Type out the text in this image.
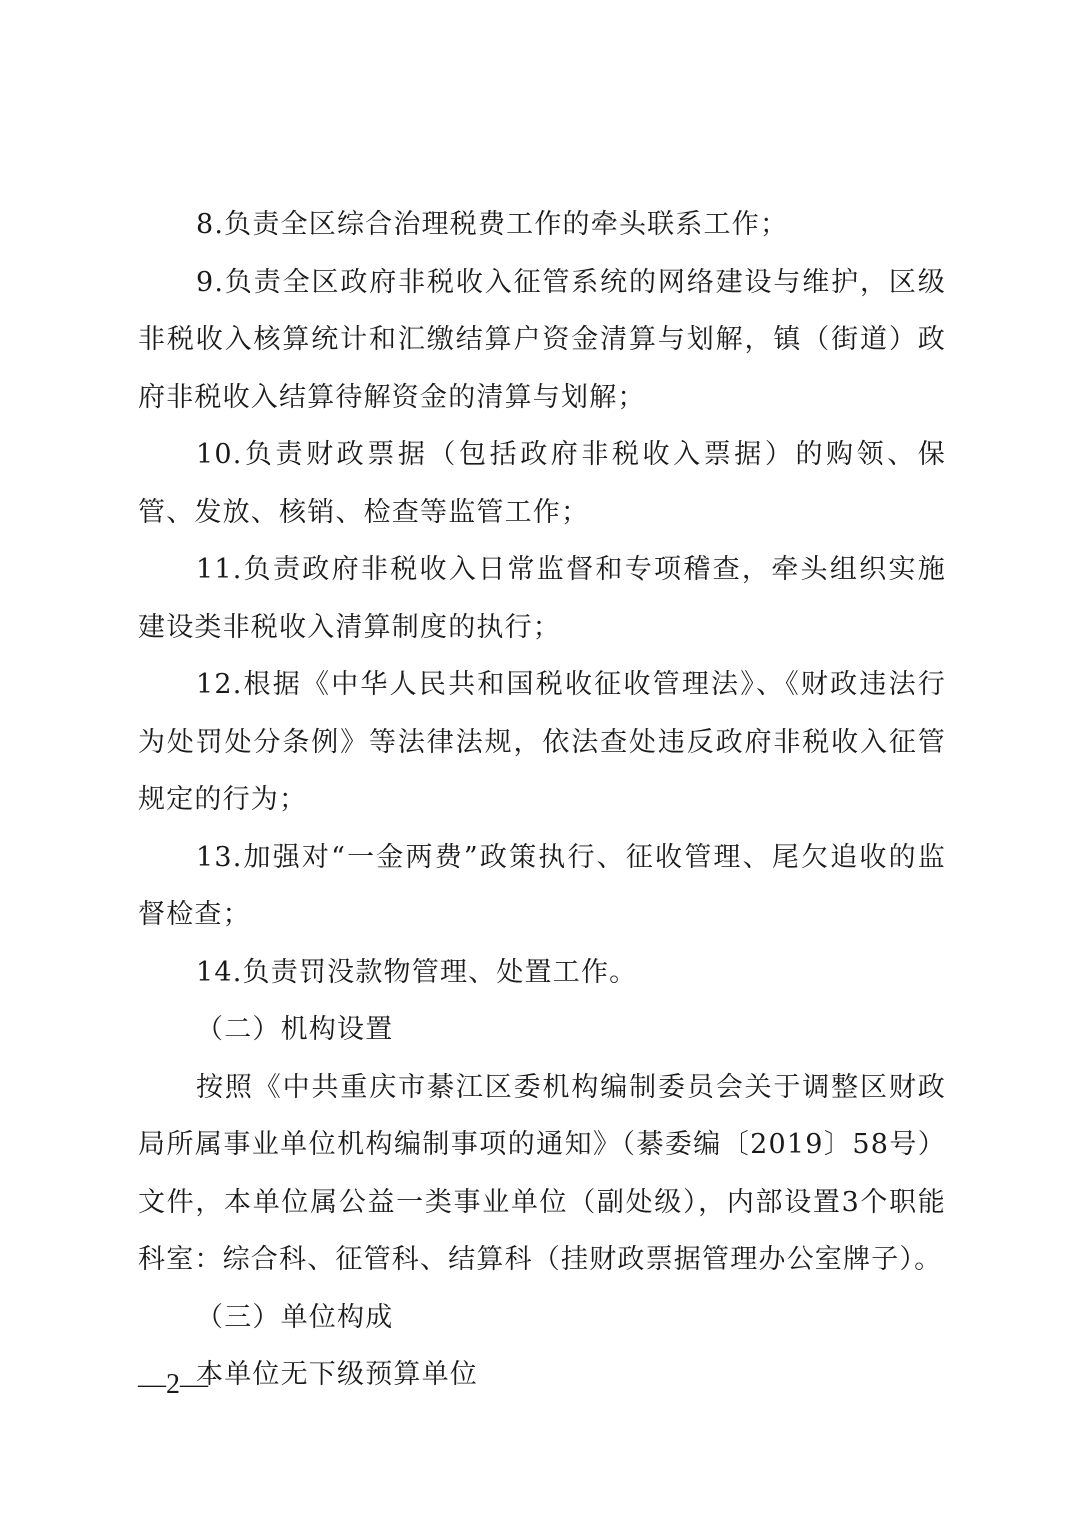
8.负责全区综合治理税费工作的牵头联系工作；

9.负责全区政府非税收入征管系统的网络建设与维护，区级非税收入核算统计和汇缴结算户资金清算与划解，镇（街道）政府非税收入结算待解资金的清算与划解；

10.负责财政票据（包括政府非税收入票据）的购领、保管、发放、核销、检查等监管工作；

11.负责政府非税收入日常监督和专项稽查，牵头组织实施建设类非税收入清算制度的执行；

12.根据《中华人民共和国税收征收管理法》、《财政违法行为处罚处分条例》等法律法规，依法查处违反政府非税收入征管规定的行为；

13.加强对“一金两费”政策执行、征收管理、尾欠追收的监督检查；

14.负责罚没款物管理、处置工作。

（二）机构设置

按照《中共重庆市綦江区委机构编制委员会关于调整区财政局所属事业单位机构编制事项的通知》（綦委编〔2019〕58号）文件，本单位属公益一类事业单位（副处级），内部设置3个职能科室：综合科、征管科、结算科（挂财政票据管理办公室牌子）。

（三）单位构成

本单位无下级预算单位

—2—
